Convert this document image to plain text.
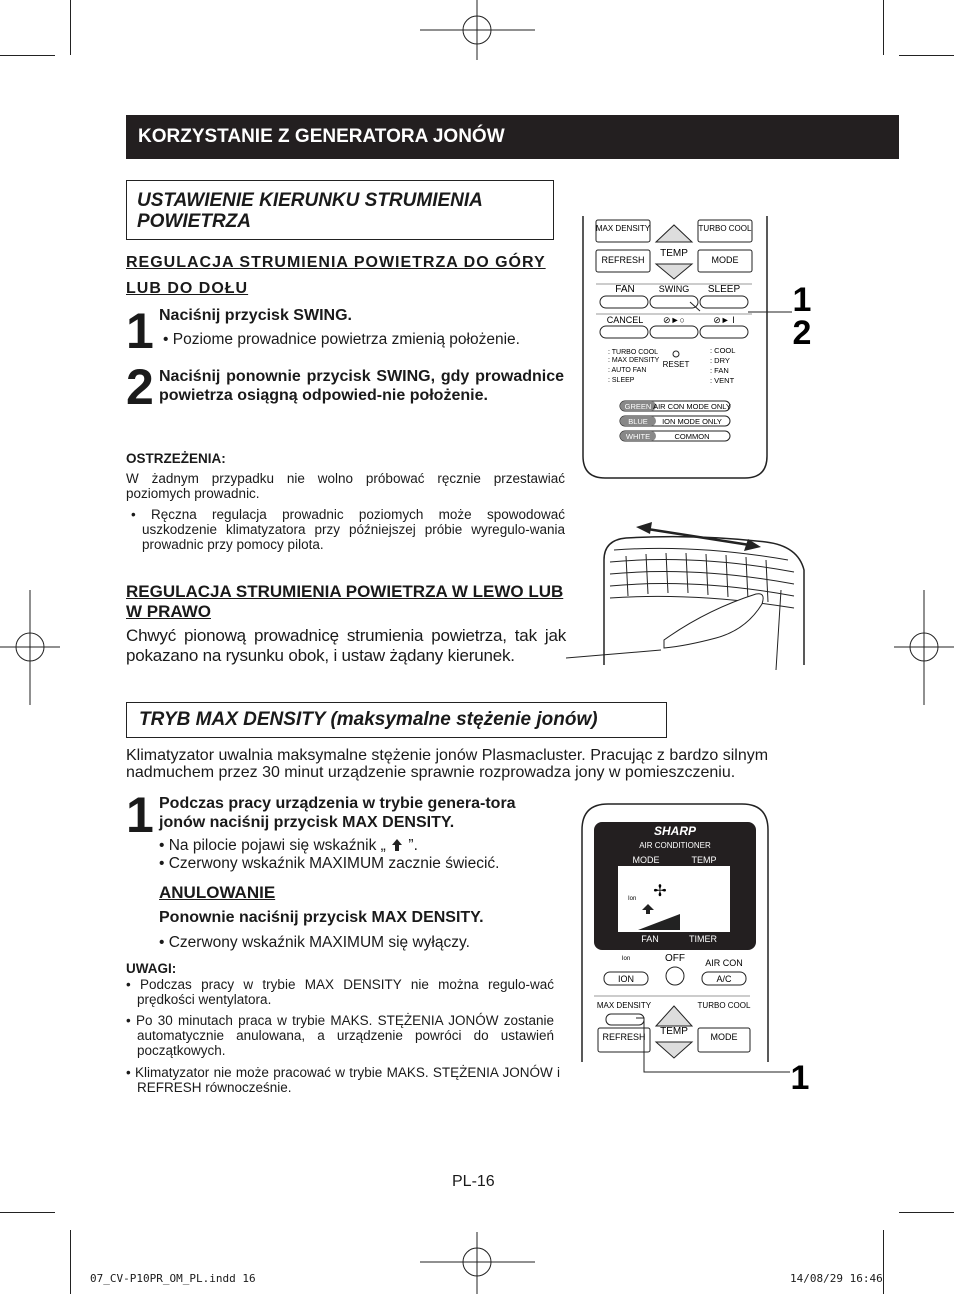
KORZYSTANIE Z GENERATORA JONÓW
USTAWIENIE KIERUNKU STRUMIENIA POWIETRZA
REGULACJA STRUMIENIA POWIETRZA DO GÓRY LUB DO DOŁU
1 Naciśnij przycisk SWING.
• Poziome prowadnice powietrza zmienią położenie.
2 Naciśnij ponownie przycisk SWING, gdy prowadnice powietrza osiągną odpowied-nie położenie.
OSTRZEŻENIA:
W żadnym przypadku nie wolno próbować ręcznie przestawiać poziomych prowadnic.
• Ręczna regulacja prowadnic poziomych może spowodować uszkodzenie klimatyzatora przy późniejszej próbie wyregulo-wania prowadnic przy pomocy pilota.
REGULACJA STRUMIENIA POWIETRZA W LEWO LUB W PRAWO
Chwyć pionową prowadnicę strumienia powietrza, tak jak pokazano na rysunku obok, i ustaw żądany kierunek.
MAX DENSITY	TURBO COOL
TEMP
REFRESH	MODE
FAN	SWING SLEEP
CANCEL ⊘►○	⊘► I
: TURBO COOL
: MAX DENSITY
: AUTO FAN
: SLEEP
RESET
: COOL
: DRY
: FAN
: VENT
GREEN AIR CON MODE ONLY
BLUE ION MODE ONLY
WHITE	COMMON
1
2
TRYB MAX DENSITY (maksymalne stężenie jonów)
Klimatyzator uwalnia maksymalne stężenie jonów Plasmacluster. Pracując z bardzo silnym nadmuchem przez 30 minut urządzenie sprawnie rozprowadza jony w pomieszczeniu.
1 Podczas pracy urządzenia w trybie genera-tora jonów naciśnij przycisk MAX DENSITY.
• Na pilocie pojawi się wskaźnik „  ”.
• Czerwony wskaźnik MAXIMUM zacznie świecić.
ANULOWANIE
Ponownie naciśnij przycisk MAX DENSITY.
• Czerwony wskaźnik MAXIMUM się wyłączy.
UWAGI:
• Podczas pracy w trybie MAX DENSITY nie można regulo-wać prędkości wentylatora.
• Po 30 minutach praca w trybie MAKS. STĘŻENIA JONÓW zostanie automatycznie anulowana, a urządzenie powróci do ustawień początkowych.
• Klimatyzator nie może pracować w trybie MAKS. STĘŻENIA JONÓW i REFRESH równocześnie.
SHARP
AIR CONDITIONER
MODE	TEMP
Ion ✢
FAN	TIMER
Ion	OFF AIR CON
ION	A/C
MAX DENSITY	TURBO COOL
TEMP
REFRESH	MODE
1
PL-16
07_CV-P10PR_OM_PL.indd 16	14/08/29 16:46
